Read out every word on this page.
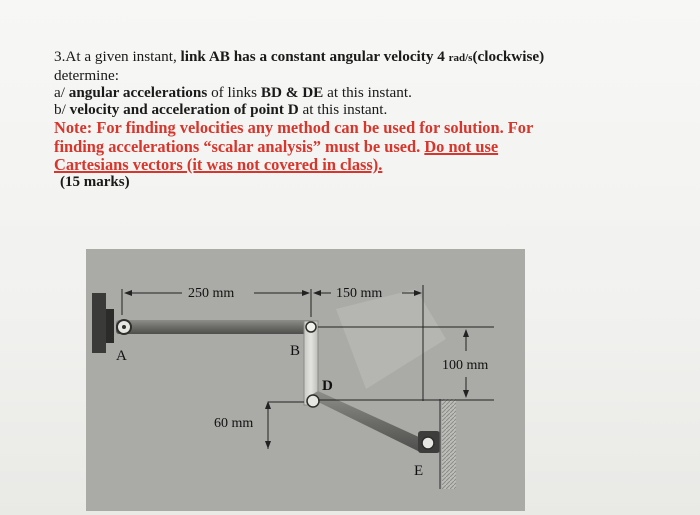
3.At a given instant, link AB has a constant angular velocity 4 rad/s(clockwise)
determine:
a/ angular accelerations of links BD & DE at this instant.
b/ velocity and acceleration of point D at this instant.
Note: For finding velocities any method can be used for solution. For
finding accelerations “scalar analysis” must be used. Do not use
Cartesians vectors (it was not covered in class).
(15 marks)
250 mm	150 mm
100 mm
60 mm
A	B
D
E
